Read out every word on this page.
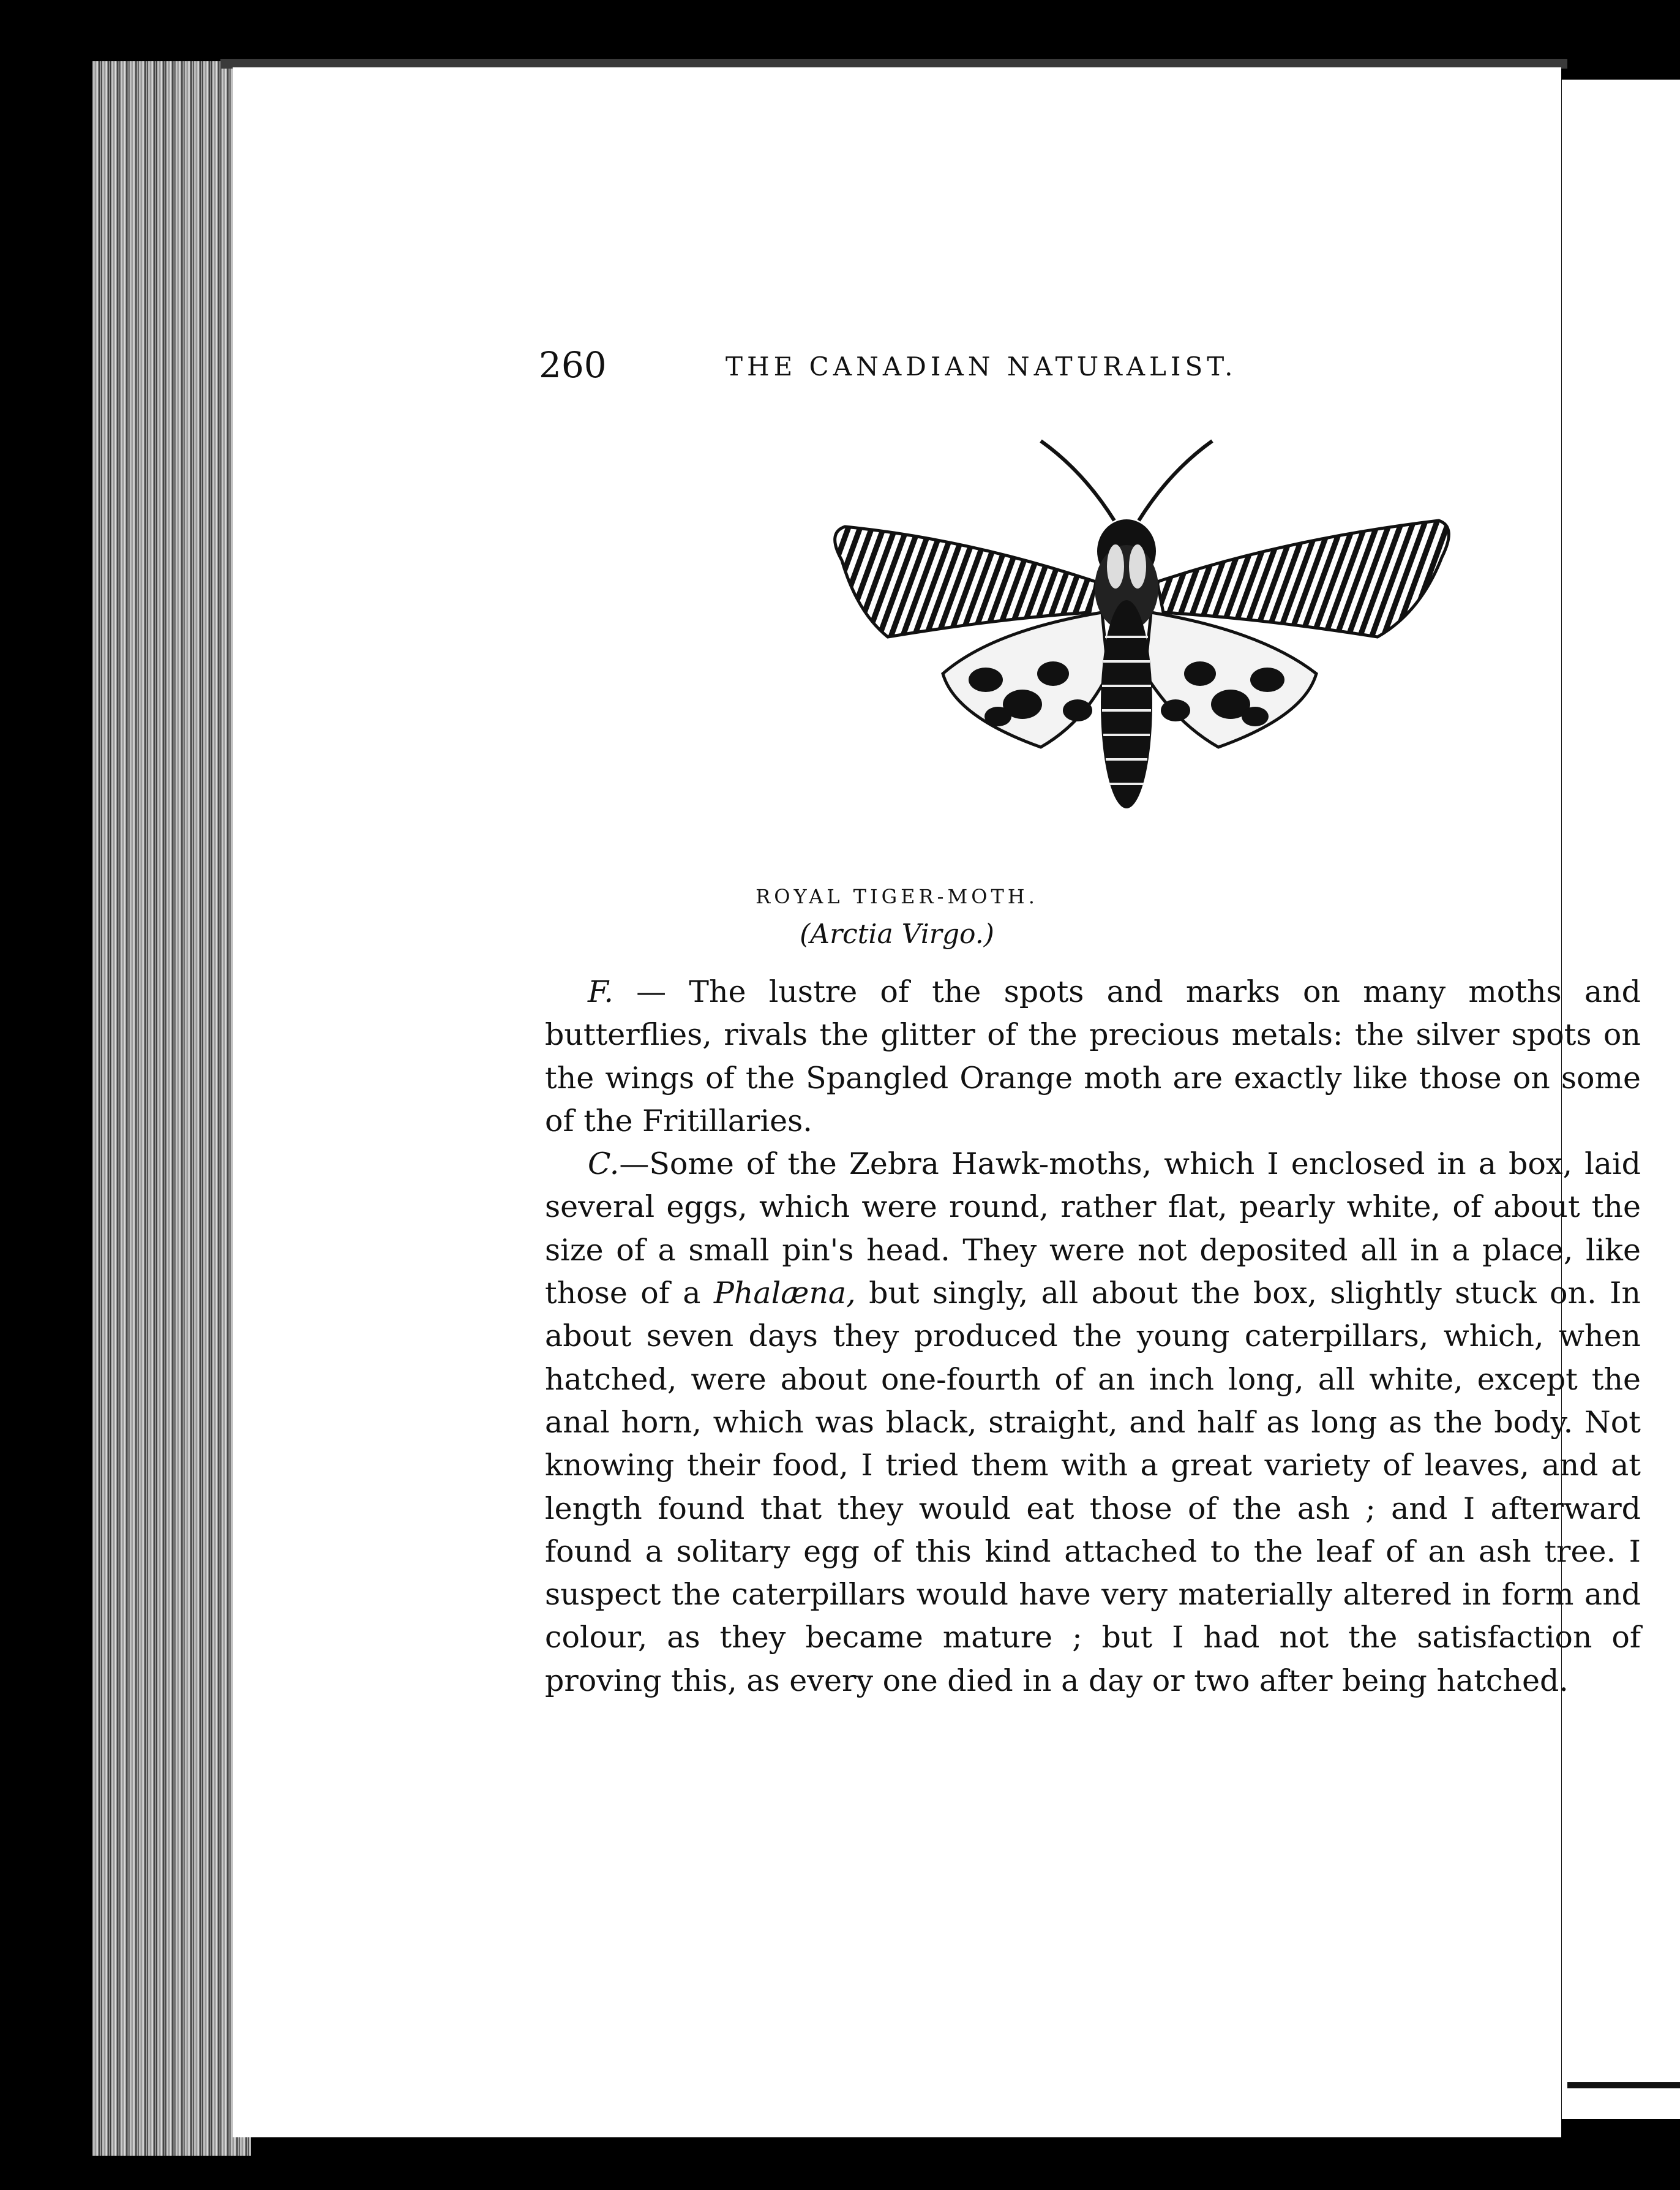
260	THE CANADIAN NATURALIST.
ROYAL TIGER-MOTH.
(Arctia Virgo.)

F. — The lustre of the spots and marks on many moths and butterflies, rivals the glitter of the precious metals: the silver spots on the wings of the Spangled Orange moth are exactly like those on some of the Fritillaries.

C.—Some of the Zebra Hawk-moths, which I enclosed in a box, laid several eggs, which were round, rather flat, pearly white, of about the size of a small pin's head. They were not deposited all in a place, like those of a Phalæna, but singly, all about the box, slightly stuck on. In about seven days they produced the young caterpillars, which, when hatched, were about one-fourth of an inch long, all white, except the anal horn, which was black, straight, and half as long as the body. Not knowing their food, I tried them with a great variety of leaves, and at length found that they would eat those of the ash ; and I afterward found a solitary egg of this kind attached to the leaf of an ash tree. I suspect the caterpillars would have very materially altered in form and colour, as they became mature ; but I had not the satisfaction of proving this, as every one died in a day or two after being hatched.
